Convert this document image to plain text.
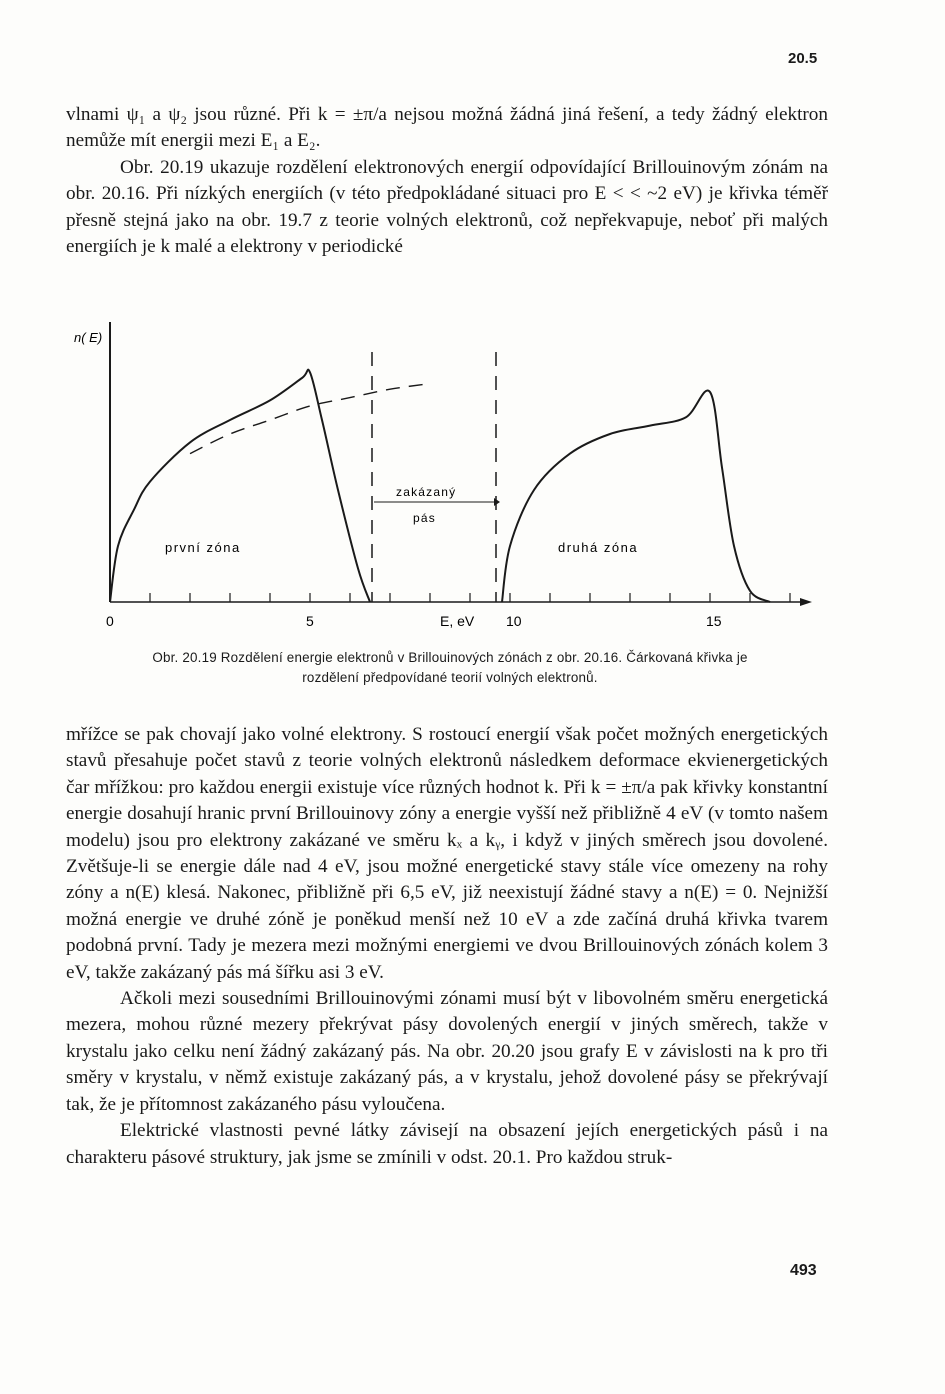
20.5

vlnami ψ₁ a ψ₂ jsou různé. Při k = ±π/a nejsou možná žádná jiná řešení, a tedy žádný elektron nemůže mít energii mezi E₁ a E₂.

Obr. 20.19 ukazuje rozdělení elektronových energií odpovídající Brillouinovým zónám na obr. 20.16. Při nízkých energiích (v této předpokládané situaci pro E < < ~2 eV) je křivka téměř přesně stejná jako na obr. 19.7 z teorie volných elektronů, což nepřekvapuje, neboť při malých energiích je k malé a elektrony v periodické

0	5	10	15
n( E)
E, eV
první zóna	druhá zóna
zakázaný
pás
Obr. 20.19 Rozdělení energie elektronů v Brillouinových zónách z obr. 20.16. Čárkovaná křivka je
rozdělení předpovídané teorií volných elektronů.

mřížce se pak chovají jako volné elektrony. S rostoucí energií však počet možných energetických stavů přesahuje počet stavů z teorie volných elektronů následkem deformace ekvienergetických čar mřížkou: pro každou energii existuje více různých hodnot k. Při k = ±π/a pak křivky konstantní energie dosahují hranic první Brillouinovy zóny a energie vyšší než přibližně 4 eV (v tomto našem modelu) jsou pro elektrony zakázané ve směru kₓ a kᵧ, i když v jiných směrech jsou dovolené. Zvětšuje-li se energie dále nad 4 eV, jsou možné energetické stavy stále více omezeny na rohy zóny a n(E) klesá. Nakonec, přibližně při 6,5 eV, již neexistují žádné stavy a n(E) = 0. Nejnižší možná energie ve druhé zóně je poněkud menší než 10 eV a zde začíná druhá křivka tvarem podobná první. Tady je mezera mezi možnými energiemi ve dvou Brillouinových zónách kolem 3 eV, takže zakázaný pás má šířku asi 3 eV.

Ačkoli mezi sousedními Brillouinovými zónami musí být v libovolném směru energetická mezera, mohou různé mezery překrývat pásy dovolených energií v jiných směrech, takže v krystalu jako celku není žádný zakázaný pás. Na obr. 20.20 jsou grafy E v závislosti na k pro tři směry v krystalu, v němž existuje zakázaný pás, a v krystalu, jehož dovolené pásy se překrývají tak, že je přítomnost zakázaného pásu vyloučena.

Elektrické vlastnosti pevné látky závisejí na obsazení jejích energetických pásů i na charakteru pásové struktury, jak jsme se zmínili v odst. 20.1. Pro každou struk-

493
